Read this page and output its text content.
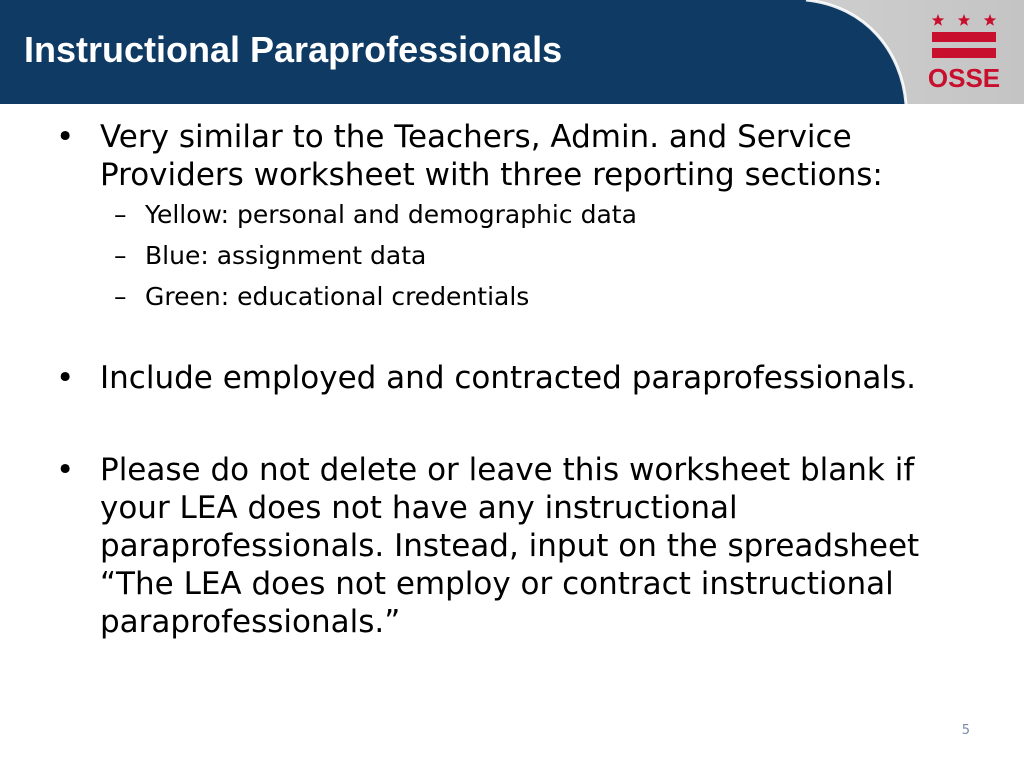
Instructional Paraprofessionals
OSSE
• Very similar to the Teachers, Admin. and Service Providers worksheet with three reporting sections:
– Yellow: personal and demographic data
– Blue: assignment data
– Green: educational credentials
• Include employed and contracted paraprofessionals.
• Please do not delete or leave this worksheet blank if your LEA does not have any instructional paraprofessionals. Instead, input on the spreadsheet “The LEA does not employ or contract instructional paraprofessionals.”
5
